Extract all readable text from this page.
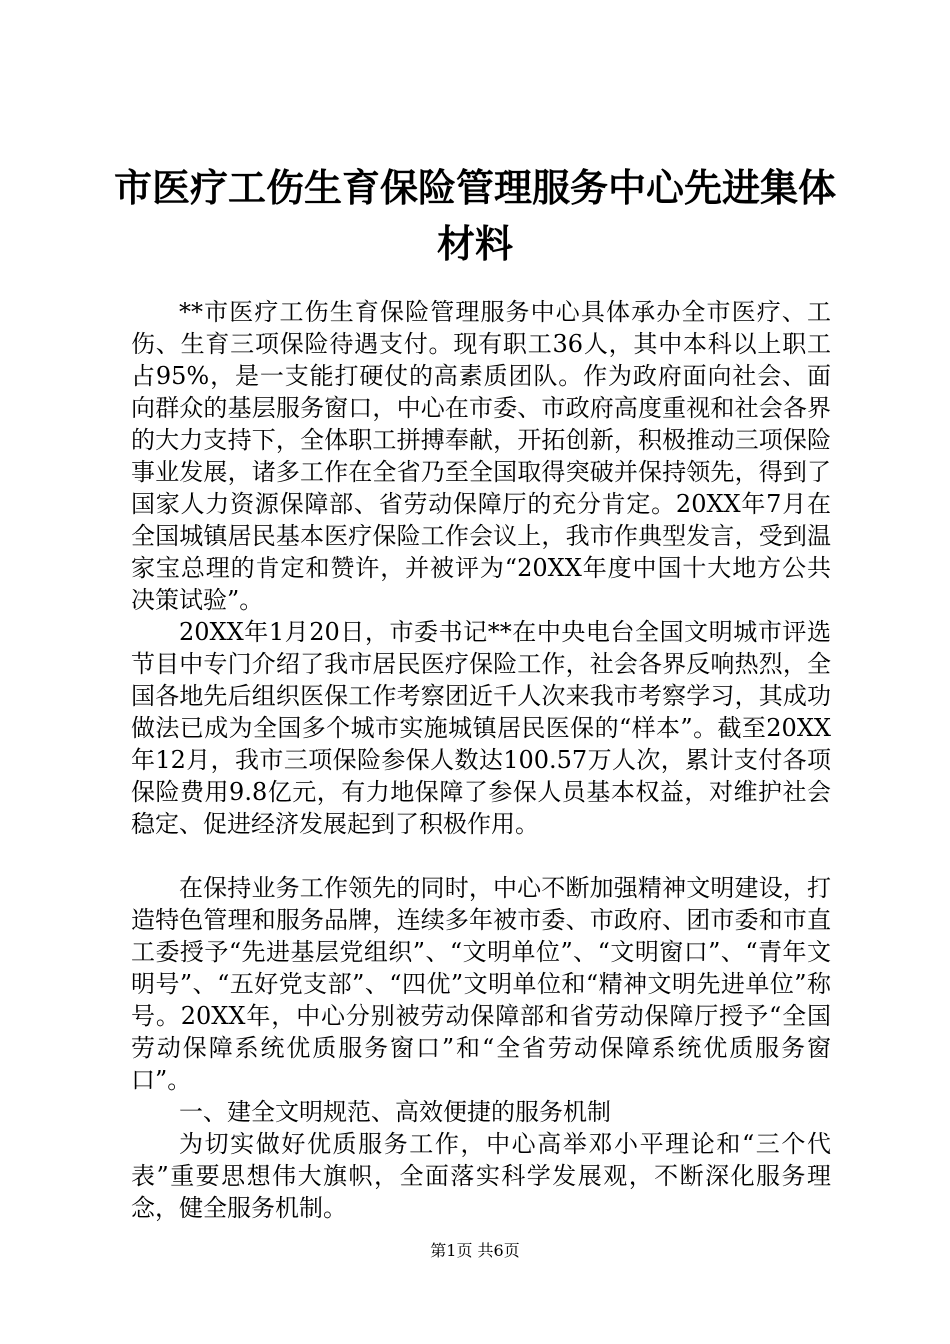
市医疗工伤生育保险管理服务中心先进集体材料

**市医疗工伤生育保险管理服务中心具体承办全市医疗、工伤、生育三项保险待遇支付。现有职工36人，其中本科以上职工占95%，是一支能打硬仗的高素质团队。作为政府面向社会、面向群众的基层服务窗口，中心在市委、市政府高度重视和社会各界的大力支持下，全体职工拼搏奉献，开拓创新，积极推动三项保险事业发展，诸多工作在全省乃至全国取得突破并保持领先，得到了国家人力资源保障部、省劳动保障厅的充分肯定。20XX年7月在全国城镇居民基本医疗保险工作会议上，我市作典型发言，受到温家宝总理的肯定和赞许，并被评为“20XX年度中国十大地方公共决策试验”。

20XX年1月20日，市委书记**在中央电台全国文明城市评选节目中专门介绍了我市居民医疗保险工作，社会各界反响热烈，全国各地先后组织医保工作考察团近千人次来我市考察学习，其成功做法已成为全国多个城市实施城镇居民医保的“样本”。截至20XX年12月，我市三项保险参保人数达100.57万人次，累计支付各项保险费用9.8亿元，有力地保障了参保人员基本权益，对维护社会稳定、促进经济发展起到了积极作用。

在保持业务工作领先的同时，中心不断加强精神文明建设，打造特色管理和服务品牌，连续多年被市委、市政府、团市委和市直工委授予“先进基层党组织”、“文明单位”、“文明窗口”、“青年文明号”、“五好党支部”、“四优”文明单位和“精神文明先进单位”称号。20XX年，中心分别被劳动保障部和省劳动保障厅授予“全国劳动保障系统优质服务窗口”和“全省劳动保障系统优质服务窗口”。

一、建全文明规范、高效便捷的服务机制

为切实做好优质服务工作，中心高举邓小平理论和“三个代表”重要思想伟大旗帜，全面落实科学发展观，不断深化服务理念，健全服务机制。

第1页 共6页
